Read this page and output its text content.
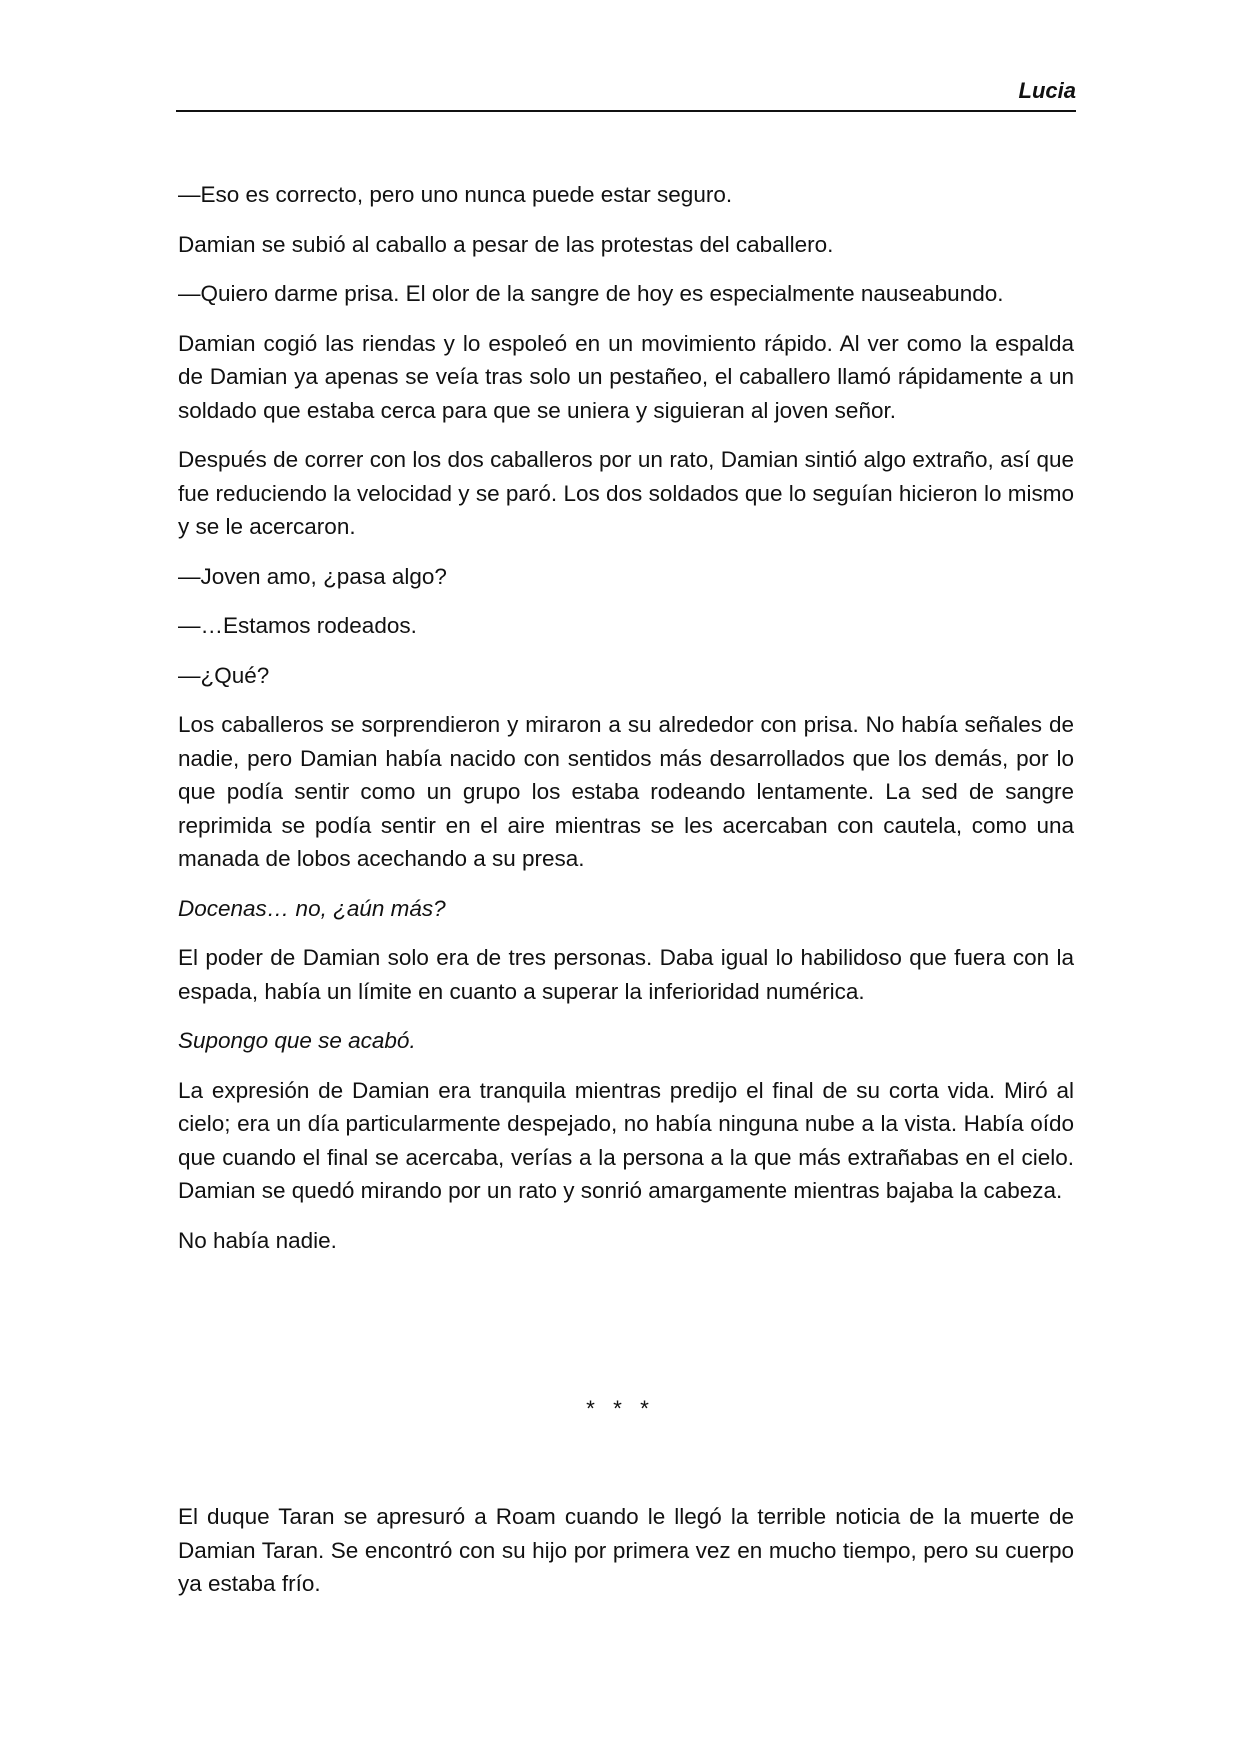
Lucia

—Eso es correcto, pero uno nunca puede estar seguro.

Damian se subió al caballo a pesar de las protestas del caballero.

—Quiero darme prisa. El olor de la sangre de hoy es especialmente nauseabundo.

Damian cogió las riendas y lo espoleó en un movimiento rápido. Al ver como la espalda de Damian ya apenas se veía tras solo un pestañeo, el caballero llamó rápidamente a un soldado que estaba cerca para que se uniera y siguieran al joven señor.

Después de correr con los dos caballeros por un rato, Damian sintió algo extraño, así que fue reduciendo la velocidad y se paró. Los dos soldados que lo seguían hicieron lo mismo y se le acercaron.

—Joven amo, ¿pasa algo?

—…Estamos rodeados.

—¿Qué?

Los caballeros se sorprendieron y miraron a su alrededor con prisa. No había señales de nadie, pero Damian había nacido con sentidos más desarrollados que los demás, por lo que podía sentir como un grupo los estaba rodeando lentamente. La sed de sangre reprimida se podía sentir en el aire mientras se les acercaban con cautela, como una manada de lobos acechando a su presa.

Docenas… no, ¿aún más?

El poder de Damian solo era de tres personas. Daba igual lo habilidoso que fuera con la espada, había un límite en cuanto a superar la inferioridad numérica.

Supongo que se acabó.

La expresión de Damian era tranquila mientras predijo el final de su corta vida. Miró al cielo; era un día particularmente despejado, no había ninguna nube a la vista. Había oído que cuando el final se acercaba, verías a la persona a la que más extrañabas en el cielo. Damian se quedó mirando por un rato y sonrió amargamente mientras bajaba la cabeza.

No había nadie.

* * *

El duque Taran se apresuró a Roam cuando le llegó la terrible noticia de la muerte de Damian Taran. Se encontró con su hijo por primera vez en mucho tiempo, pero su cuerpo ya estaba frío.
